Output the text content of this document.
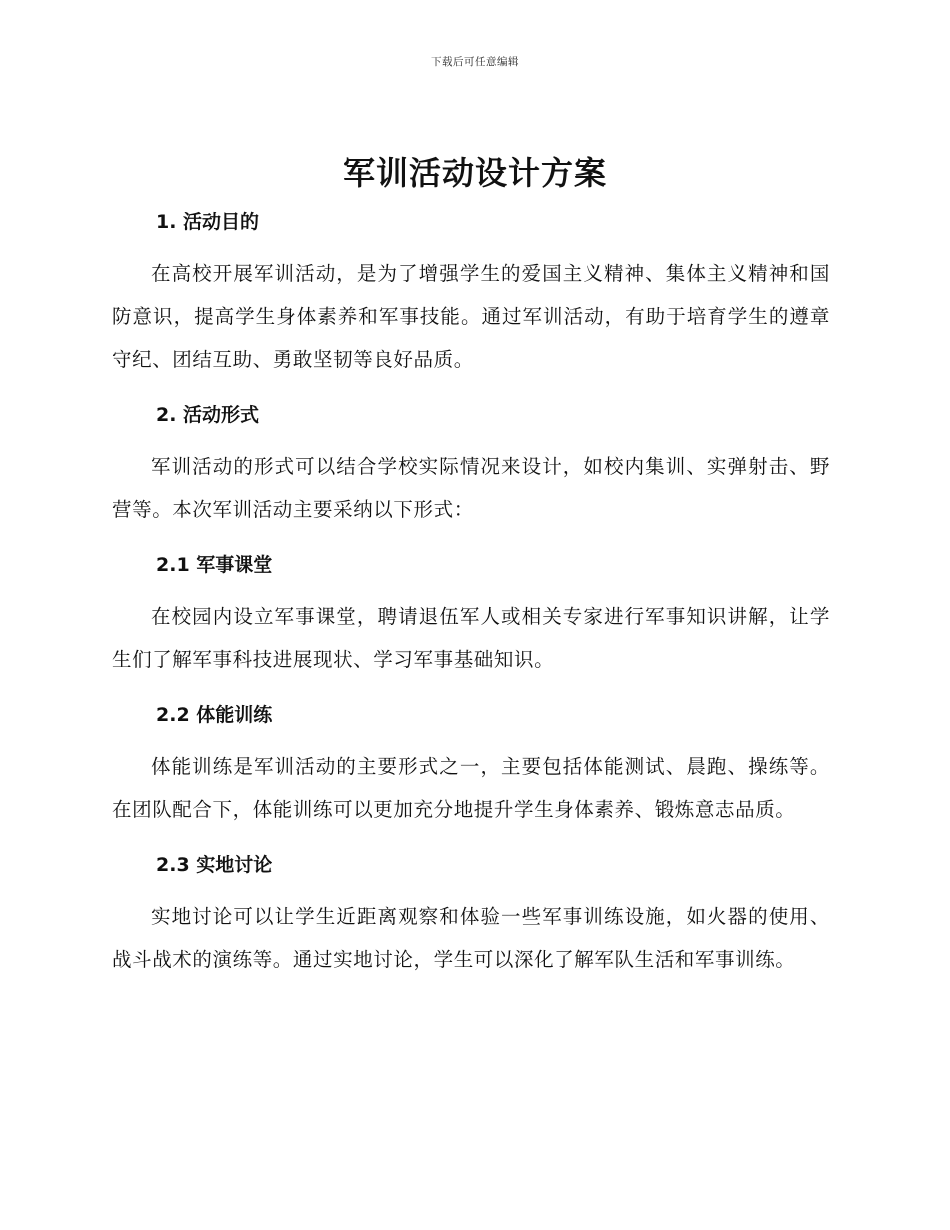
下载后可任意编辑
军训活动设计方案
1. 活动目的

在高校开展军训活动，是为了增强学生的爱国主义精神、集体主义精神和国防意识，提高学生身体素养和军事技能。通过军训活动，有助于培育学生的遵章守纪、团结互助、勇敢坚韧等良好品质。

2. 活动形式

军训活动的形式可以结合学校实际情况来设计，如校内集训、实弹射击、野营等。本次军训活动主要采纳以下形式：

2.1 军事课堂

在校园内设立军事课堂，聘请退伍军人或相关专家进行军事知识讲解，让学生们了解军事科技进展现状、学习军事基础知识。

2.2 体能训练

体能训练是军训活动的主要形式之一，主要包括体能测试、晨跑、操练等。在团队配合下，体能训练可以更加充分地提升学生身体素养、锻炼意志品质。

2.3 实地讨论

实地讨论可以让学生近距离观察和体验一些军事训练设施，如火器的使用、战斗战术的演练等。通过实地讨论，学生可以深化了解军队生活和军事训练。
